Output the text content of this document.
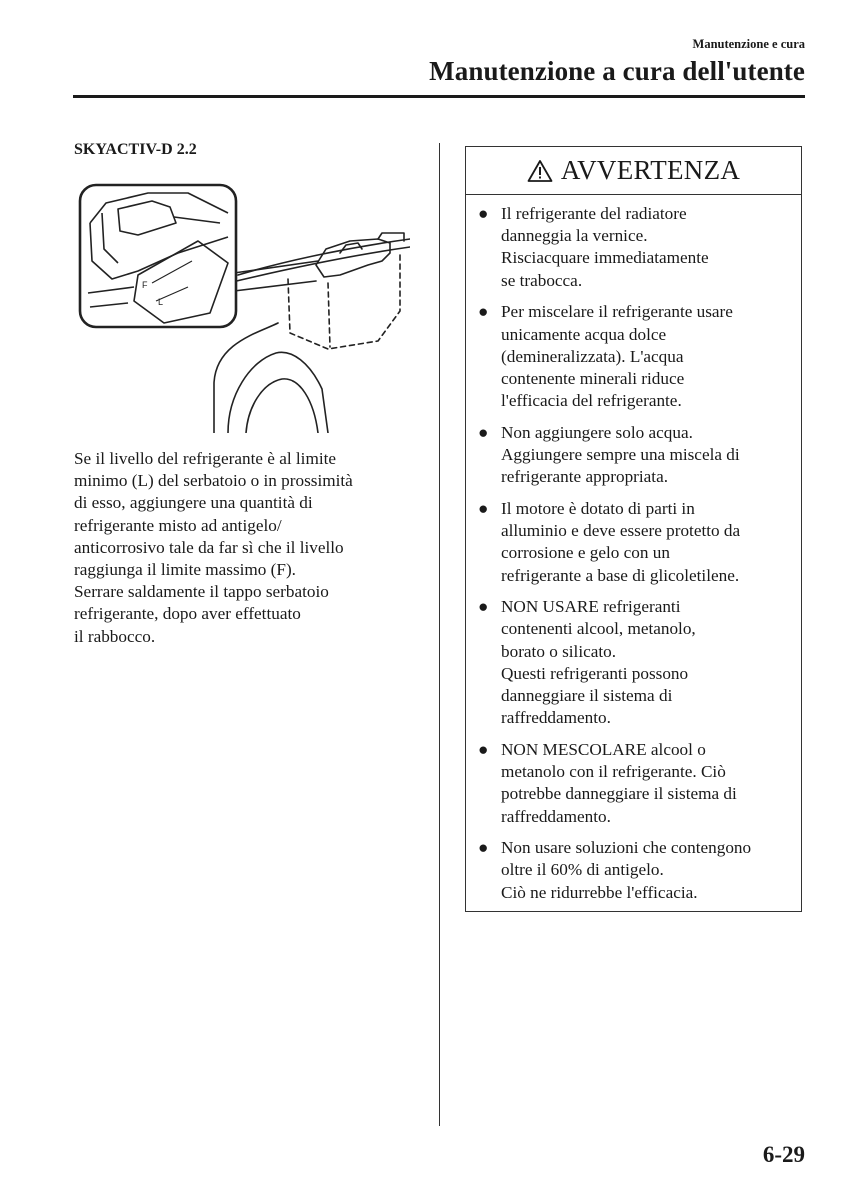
Manutenzione e cura
Manutenzione a cura dell'utente
SKYACTIV-D 2.2
F
L
Se il livello del refrigerante è al limite
minimo (L) del serbatoio o in prossimità
di esso, aggiungere una quantità di
refrigerante misto ad antigelo/
anticorrosivo tale da far sì che il livello
raggiunga il limite massimo (F).
Serrare saldamente il tappo serbatoio
refrigerante, dopo aver effettuato
il rabbocco.
AVVERTENZA
● Il refrigerante del radiatore
danneggia la vernice.
Risciacquare immediatamente
se trabocca.
● Per miscelare il refrigerante usare
unicamente acqua dolce
(demineralizzata). L'acqua
contenente minerali riduce
l'efficacia del refrigerante.
● Non aggiungere solo acqua.
Aggiungere sempre una miscela di
refrigerante appropriata.
● Il motore è dotato di parti in
alluminio e deve essere protetto da
corrosione e gelo con un
refrigerante a base di glicoletilene.
● NON USARE refrigeranti
contenenti alcool, metanolo,
borato o silicato.
Questi refrigeranti possono
danneggiare il sistema di
raffreddamento.
● NON MESCOLARE alcool o
metanolo con il refrigerante. Ciò
potrebbe danneggiare il sistema di
raffreddamento.
● Non usare soluzioni che contengono
oltre il 60% di antigelo.
Ciò ne ridurrebbe l'efficacia.
6-29
